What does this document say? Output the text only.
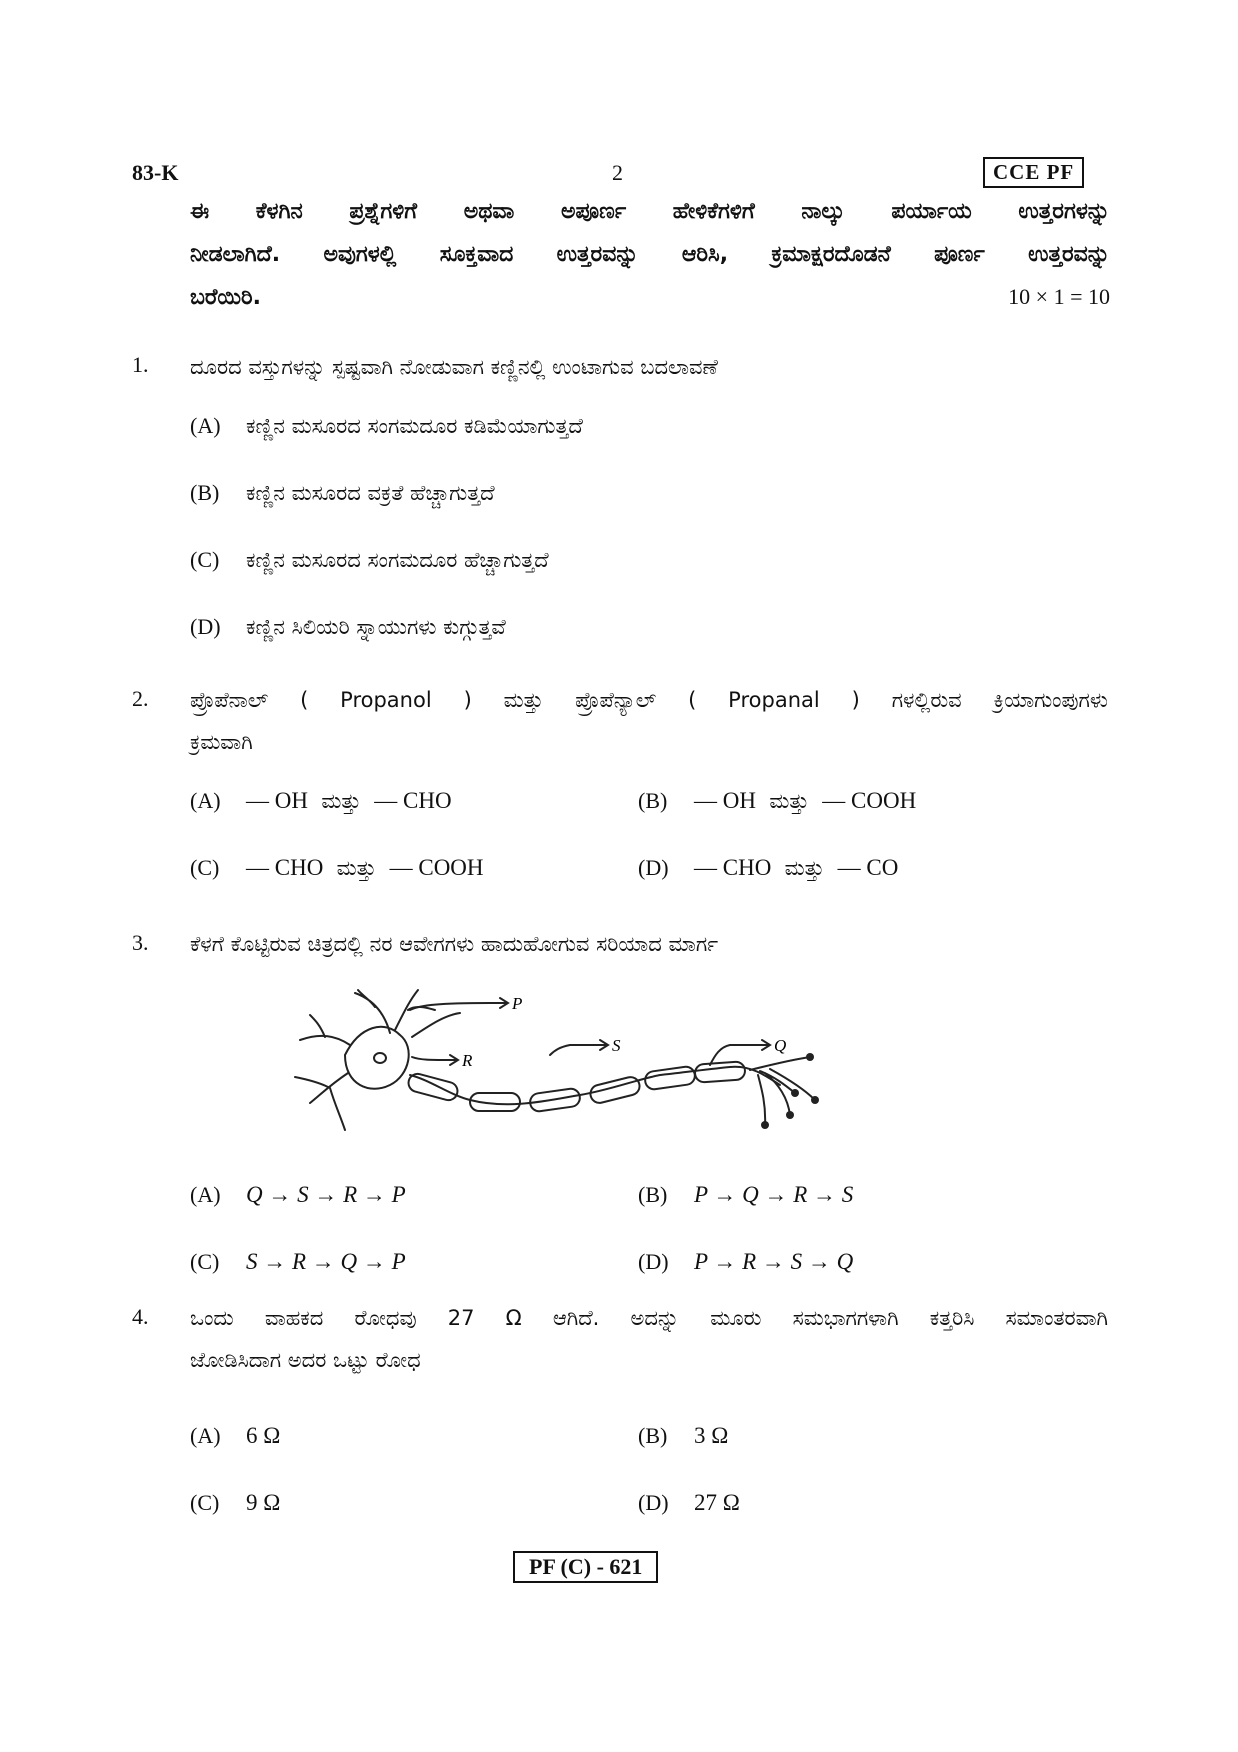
83-K	2	CCE PF
ಈ ಕೆಳಗಿನ ಪ್ರಶ್ನೆಗಳಿಗೆ ಅಥವಾ ಅಪೂರ್ಣ ಹೇಳಿಕೆಗಳಿಗೆ ನಾಲ್ಕು ಪರ್ಯಾಯ ಉತ್ತರಗಳನ್ನು
ನೀಡಲಾಗಿದೆ. ಅವುಗಳಲ್ಲಿ ಸೂಕ್ತವಾದ ಉತ್ತರವನ್ನು ಆರಿಸಿ, ಕ್ರಮಾಕ್ಷರದೊಡನೆ ಪೂರ್ಣ ಉತ್ತರವನ್ನು
ಬರೆಯಿರಿ.	10 × 1 = 10
1. ದೂರದ ವಸ್ತುಗಳನ್ನು ಸ್ಪಷ್ಟವಾಗಿ ನೋಡುವಾಗ ಕಣ್ಣಿನಲ್ಲಿ ಉಂಟಾಗುವ ಬದಲಾವಣೆ
(A) ಕಣ್ಣಿನ ಮಸೂರದ ಸಂಗಮದೂರ ಕಡಿಮೆಯಾಗುತ್ತದೆ
(B) ಕಣ್ಣಿನ ಮಸೂರದ ವಕ್ರತೆ ಹೆಚ್ಚಾಗುತ್ತದೆ
(C) ಕಣ್ಣಿನ ಮಸೂರದ ಸಂಗಮದೂರ ಹೆಚ್ಚಾಗುತ್ತದೆ
(D) ಕಣ್ಣಿನ ಸಿಲಿಯರಿ ಸ್ನಾಯುಗಳು ಕುಗ್ಗುತ್ತವೆ
2. ಪ್ರೊಪೆನಾಲ್ ( Propanol ) ಮತ್ತು ಪ್ರೊಪೆನ್ಯಾಲ್ ( Propanal ) ಗಳಲ್ಲಿರುವ ಕ್ರಿಯಾಗುಂಪುಗಳು
ಕ್ರಮವಾಗಿ
(A) — OH ಮತ್ತು — CHO	(B) — OH ಮತ್ತು — COOH
(C) — CHO ಮತ್ತು — COOH	(D) — CHO ಮತ್ತು — CO
3. ಕೆಳಗೆ ಕೊಟ್ಟಿರುವ ಚಿತ್ರದಲ್ಲಿ ನರ ಆವೇಗಗಳು ಹಾದುಹೋಗುವ ಸರಿಯಾದ ಮಾರ್ಗ
P
R
S	Q
(A) Q → S → R → P	(B) P → Q → R → S
(C) S → R → Q → P	(D) P → R → S → Q
4. ಒಂದು ವಾಹಕದ ರೋಧವು 27 Ω ಆಗಿದೆ. ಅದನ್ನು ಮೂರು ಸಮಭಾಗಗಳಾಗಿ ಕತ್ತರಿಸಿ ಸಮಾಂತರವಾಗಿ
ಜೋಡಿಸಿದಾಗ ಅದರ ಒಟ್ಟು ರೋಧ
(A) 6 Ω	(B) 3 Ω
(C) 9 Ω	(D) 27 Ω
PF (C) - 621
